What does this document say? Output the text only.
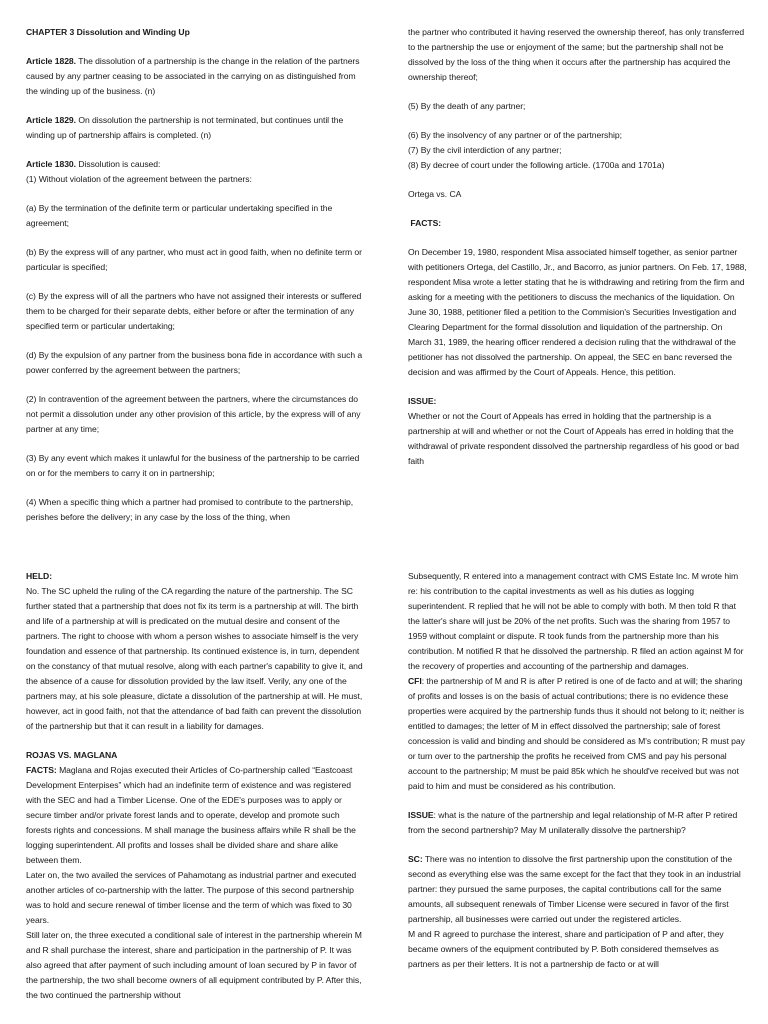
CHAPTER 3 Dissolution and Winding Up

Article 1828. The dissolution of a partnership is the change in the relation of the partners caused by any partner ceasing to be associated in the carrying on as distinguished from the winding up of the business. (n)

Article 1829. On dissolution the partnership is not terminated, but continues until the winding up of partnership affairs is completed. (n)

Article 1830. Dissolution is caused:

(1) Without violation of the agreement between the partners:

(a) By the termination of the definite term or particular undertaking specified in the agreement;

(b) By the express will of any partner, who must act in good faith, when no definite term or particular is specified;

(c) By the express will of all the partners who have not assigned their interests or suffered them to be charged for their separate debts, either before or after the termination of any specified term or particular undertaking;

(d) By the expulsion of any partner from the business bona fide in accordance with such a power conferred by the agreement between the partners;

(2) In contravention of the agreement between the partners, where the circumstances do not permit a dissolution under any other provision of this article, by the express will of any partner at any time;

(3) By any event which makes it unlawful for the business of the partnership to be carried on or for the members to carry it on in partnership;

(4) When a specific thing which a partner had promised to contribute to the partnership, perishes before the delivery; in any case by the loss of the thing, when

the partner who contributed it having reserved the ownership thereof, has only transferred to the partnership the use or enjoyment of the same; but the partnership shall not be dissolved by the loss of the thing when it occurs after the partnership has acquired the ownership thereof;

(5) By the death of any partner;

(6) By the insolvency of any partner or of the partnership;

(7) By the civil interdiction of any partner;

(8) By decree of court under the following article. (1700a and 1701a)

Ortega vs. CA

FACTS:

On December 19, 1980, respondent Misa associated himself together, as senior partner with petitioners Ortega, del Castillo, Jr., and Bacorro, as junior partners. On Feb. 17, 1988, respondent Misa wrote a letter stating that he is withdrawing and retiring from the firm and asking for a meeting with the petitioners to discuss the mechanics of the liquidation. On June 30, 1988, petitioner filed a petition to the Commision's Securities Investigation and Clearing Department for the formal dissolution and liquidation of the partnership. On March 31, 1989, the hearing officer rendered a decision ruling that the withdrawal of the petitioner has not dissolved the partnership. On appeal, the SEC en banc reversed the decision and was affirmed by the Court of Appeals. Hence, this petition.

ISSUE:

Whether or not the Court of Appeals has erred in holding that the partnership is a partnership at will and whether or not the Court of Appeals has erred in holding that the withdrawal of private respondent dissolved the partnership regardless of his good or bad faith

HELD:

No. The SC upheld the ruling of the CA regarding the nature of the partnership. The SC further stated that a partnership that does not fix its term is a partnership at will. The birth and life of a partnership at will is predicated on the mutual desire and consent of the partners. The right to choose with whom a person wishes to associate himself is the very foundation and essence of that partnership. Its continued existence is, in turn, dependent on the constancy of that mutual resolve, along with each partner's capability to give it, and the absence of a cause for dissolution provided by the law itself. Verily, any one of the partners may, at his sole pleasure, dictate a dissolution of the partnership at will. He must, however, act in good faith, not that the attendance of bad faith can prevent the dissolution of the partnership but that it can result in a liability for damages.

ROJAS VS. MAGLANA

FACTS: Maglana and Rojas executed their Articles of Co-partnership called “Eastcoast Development Enterpises” which had an indefinite term of existence and was registered with the SEC and had a Timber License. One of the EDE's purposes was to apply or secure timber and/or private forest lands and to operate, develop and promote such forests rights and concessions. M shall manage the business affairs while R shall be the logging superintendent. All profits and losses shall be divided share and share alike between them.

Later on, the two availed the services of Pahamotang as industrial partner and executed another articles of co-partnership with the latter. The purpose of this second partnership was to hold and secure renewal of timber license and the term of which was fixed to 30 years.

Still later on, the three executed a conditional sale of interest in the partnership wherein M and R shall purchase the interest, share and participation in the partnership of P. It was also agreed that after payment of such including amount of loan secured by P in favor of the partnership, the two shall become owners of all equipment contributed by P. After this, the two continued the partnership without

Subsequently, R entered into a management contract with CMS Estate Inc. M wrote him re: his contribution to the capital investments as well as his duties as logging superintendent. R replied that he will not be able to comply with both. M then told R that the latter's share will just be 20% of the net profits. Such was the sharing from 1957 to 1959 without complaint or dispute. R took funds from the partnership more than his contribution. M notified R that he dissolved the partnership. R filed an action against M for the recovery of properties and accounting of the partnership and damages.

CFI: the partnership of M and R is after P retired is one of de facto and at will; the sharing of profits and losses is on the basis of actual contributions; there is no evidence these properties were acquired by the partnership funds thus it should not belong to it; neither is entitled to damages; the letter of M in effect dissolved the partnership; sale of forest concession is valid and binding and should be considered as M's contribution; R must pay or turn over to the partnership the profits he received from CMS and pay his personal account to the partnership; M must be paid 85k which he should've received but was not paid to him and must be considered as his contribution.

ISSUE: what is the nature of the partnership and legal relationship of M-R after P retired from the second partnership? May M unilaterally dissolve the partnership?

SC: There was no intention to dissolve the first partnership upon the constitution of the second as everything else was the same except for the fact that they took in an industrial partner: they pursued the same purposes, the capital contributions call for the same amounts, all subsequent renewals of Timber License were secured in favor of the first partnership, all businesses were carried out under the registered articles.

M and R agreed to purchase the interest, share and participation of P and after, they became owners of the equipment contributed by P. Both considered themselves as partners as per their letters. It is not a partnership de facto or at will
